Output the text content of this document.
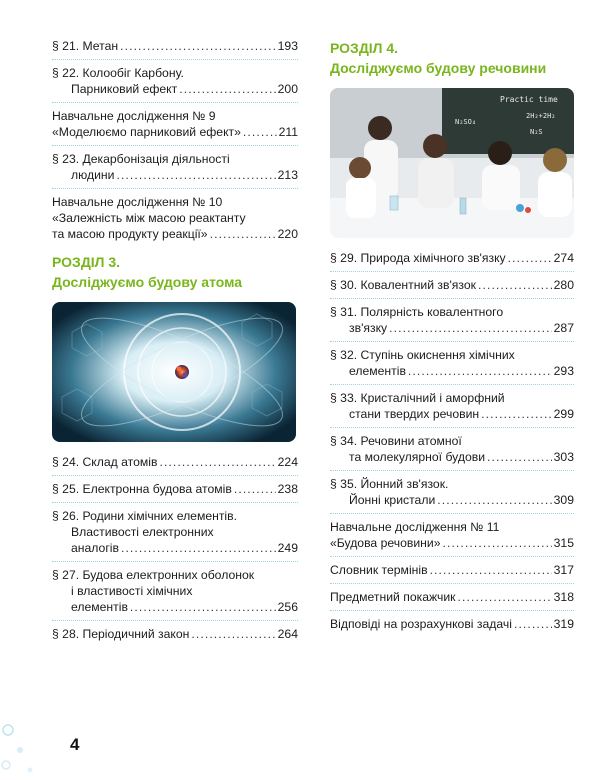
§ 21. Метан .....	193
§ 22. Колообіг Карбону.
Парниковий ефект .....	200
Навчальне дослідження № 9
«Моделюємо парниковий ефект» .....	211
§ 23. Декарбонізація діяльності
людини .....	213
Навчальне дослідження № 10
«Залежність між масою реактанту
та масою продукту реакції» .....	220
РОЗДІЛ 3.
Досліджуємо будову атома
§ 24. Склад атомів .....	224
§ 25. Електронна будова атомів .....	238
§ 26. Родини хімічних елементів.
Властивості електронних
аналогів .....	249
§ 27. Будова електронних оболонок
і властивості хімічних
елементів .....	256
§ 28. Періодичний закон .....	264
РОЗДІЛ 4.
Досліджуємо будову речовини
Practic time
2H₂+2H₂
N₂SO₄
N₂S
§ 29. Природа хімічного зв'язку .....	274
§ 30. Ковалентний зв'язок .....	280
§ 31. Полярність ковалентного
зв'язку .....	287
§ 32. Ступінь окиснення хімічних
елементів .....	293
§ 33. Кристалічний і аморфний
стани твердих речовин .....	299
§ 34. Речовини атомної
та молекулярної будови .....	303
§ 35. Йонний зв'язок.
Йонні кристали .....	309
Навчальне дослідження № 11
«Будова речовини» .....	315
Словник термінів .....	317
Предметний покажчик .....	318
Відповіді на розрахункові задачі .....	319
4
